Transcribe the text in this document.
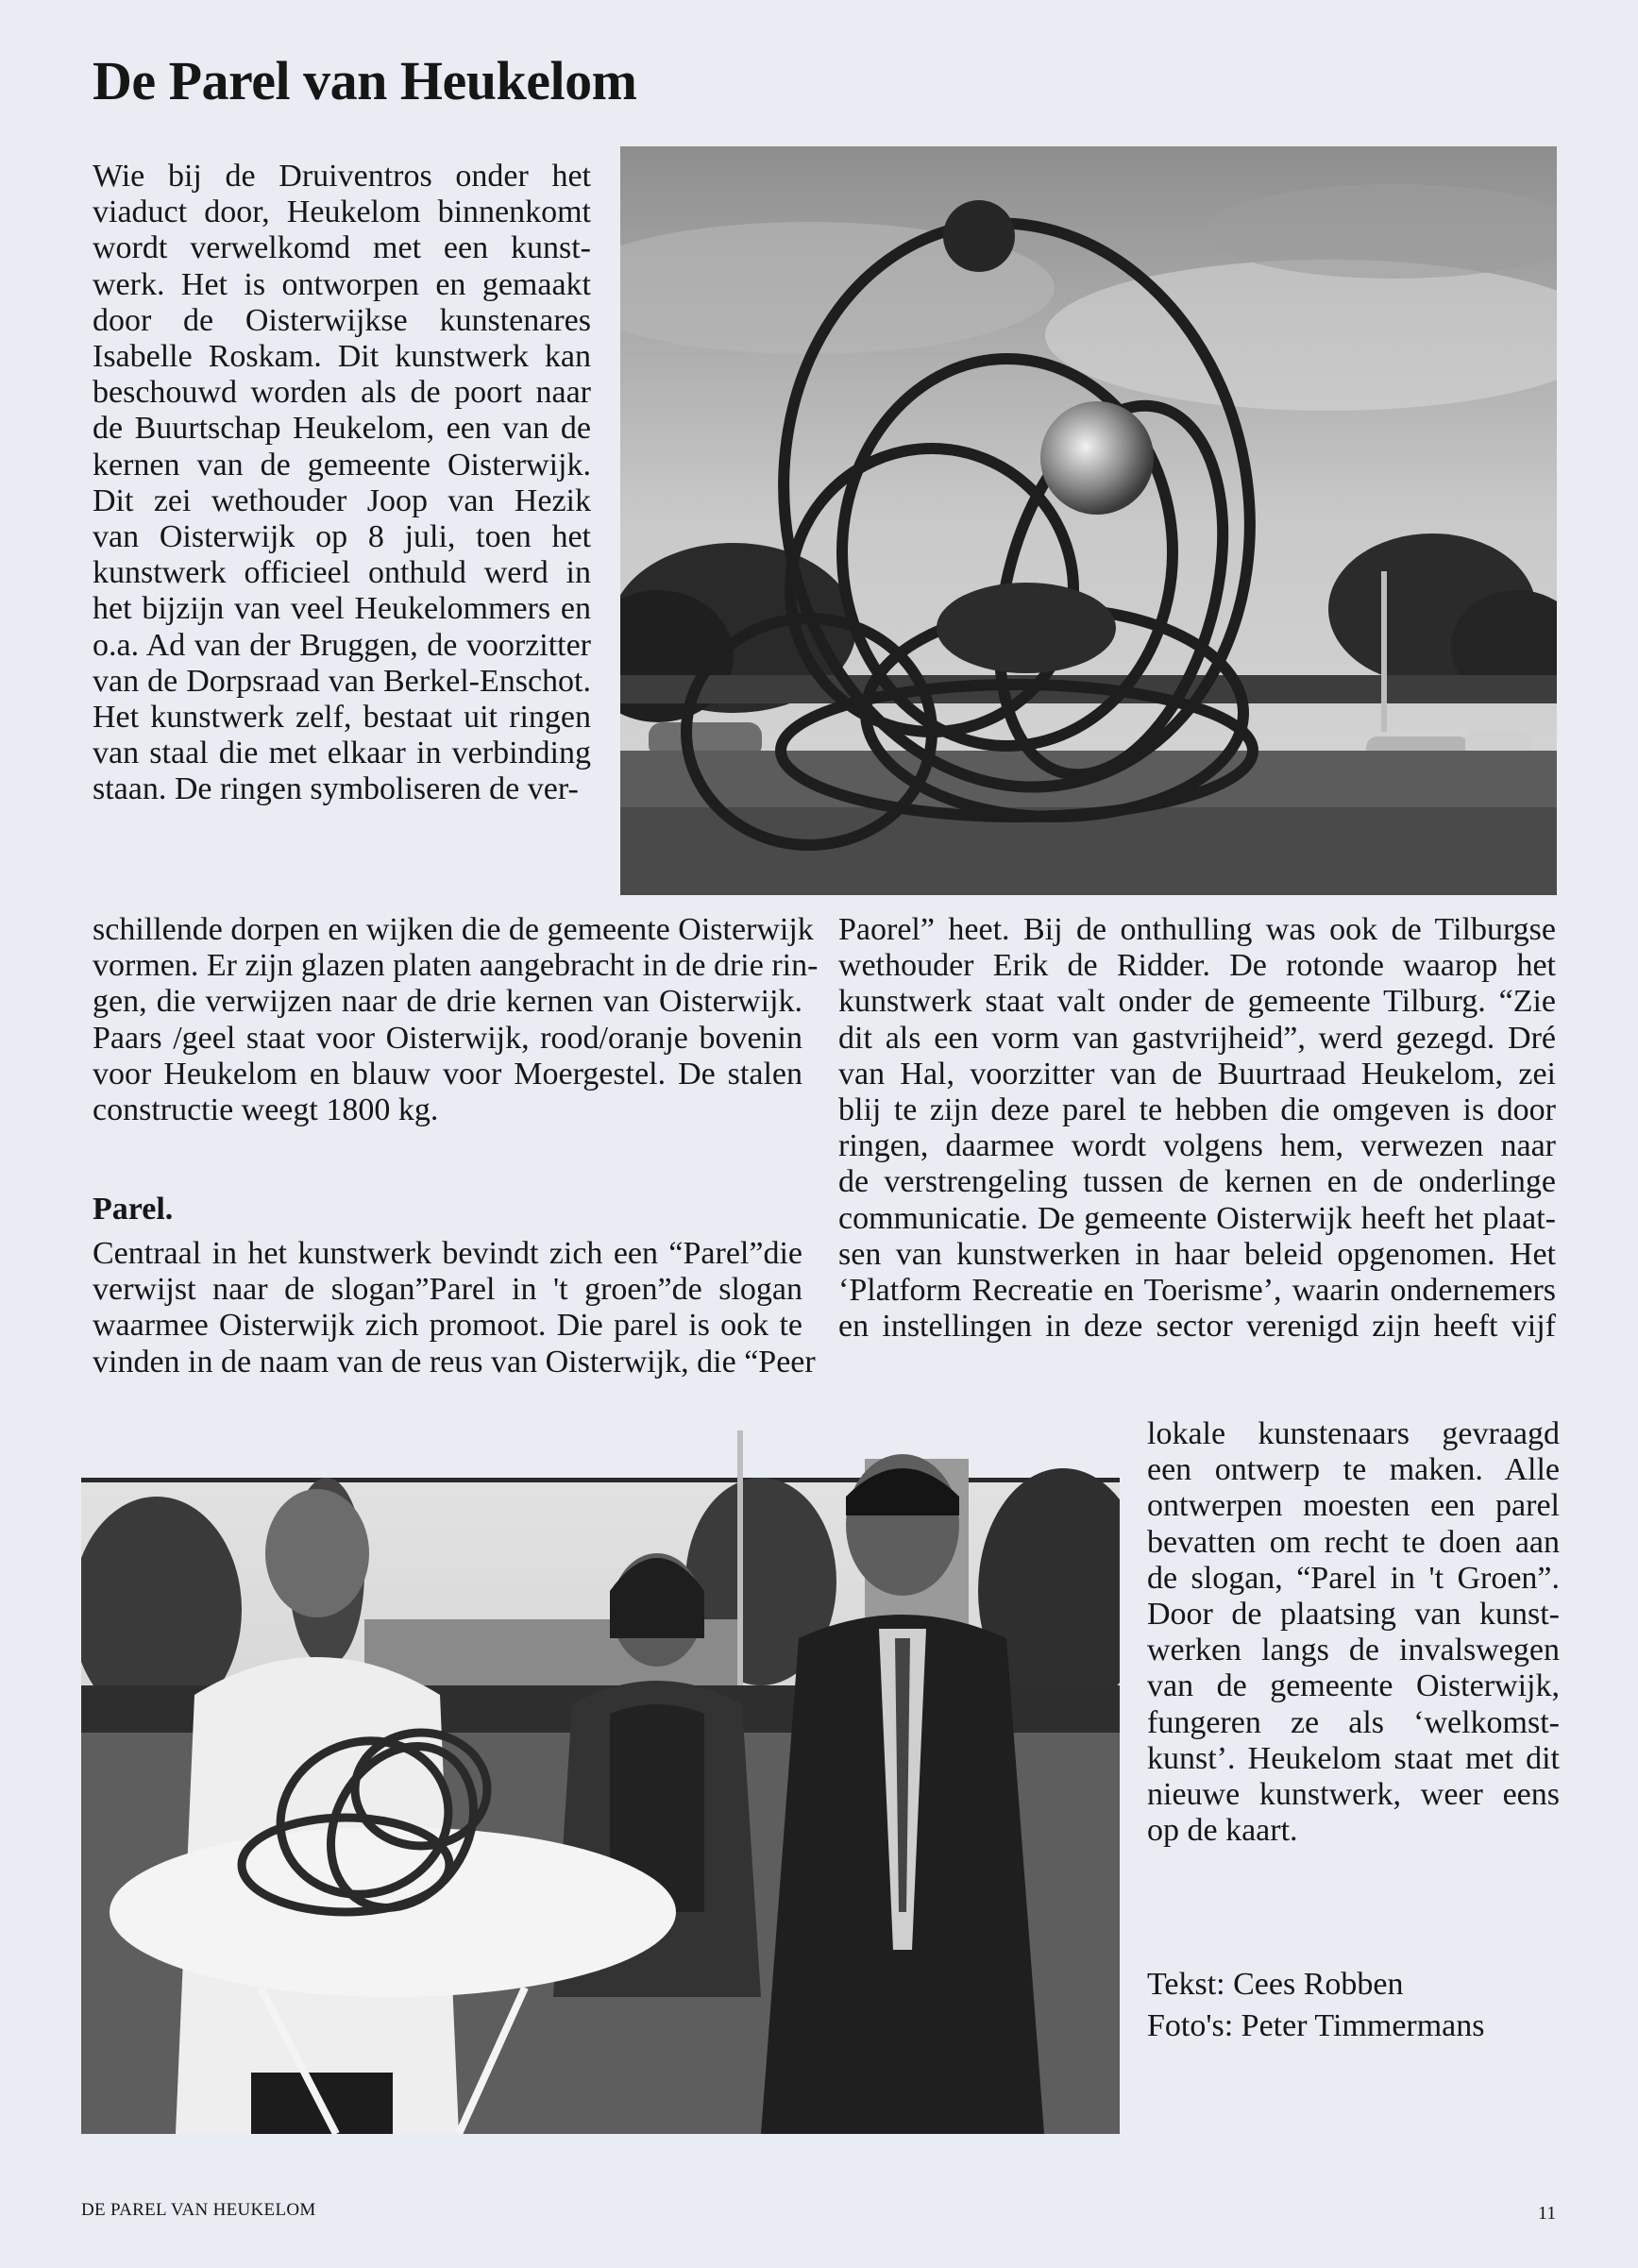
De Parel van Heukelom
Wie bij de Druiventros onder het
viaduct door, Heukelom binnenkomt
wordt verwelkomd met een kunst-
werk. Het is ontworpen en gemaakt
door de Oisterwijkse kunstenares
Isabelle Roskam. Dit kunstwerk kan
beschouwd worden als de poort naar
de Buurtschap Heukelom, een van de
kernen van de gemeente Oisterwijk.
Dit zei wethouder Joop van Hezik
van Oisterwijk op 8 juli, toen het
kunstwerk officieel onthuld werd in
het bijzijn van veel Heukelommers en
o.a. Ad van der Bruggen, de voorzitter
van de Dorpsraad van Berkel-Enschot.
Het kunstwerk zelf, bestaat uit ringen
van staal die met elkaar in verbinding
staan. De ringen symboliseren de ver-
schillende dorpen en wijken die de gemeente Oisterwijk
vormen. Er zijn glazen platen aangebracht in de drie rin-
gen, die verwijzen naar de drie kernen van Oisterwijk.
Paars /geel staat voor Oisterwijk, rood/oranje bovenin
voor Heukelom en blauw voor Moergestel. De stalen
constructie weegt 1800 kg.
Parel.
Centraal in het kunstwerk bevindt zich een “Parel”die
verwijst naar de slogan”Parel in 't groen”de slogan
waarmee Oisterwijk zich promoot. Die parel is ook te
vinden in de naam van de reus van Oisterwijk, die “Peer
Paorel” heet. Bij de onthulling was ook de Tilburgse
wethouder Erik de Ridder. De rotonde waarop het
kunstwerk staat valt onder de gemeente Tilburg. “Zie
dit als een vorm van gastvrijheid”, werd gezegd. Dré
van Hal, voorzitter van de Buurtraad Heukelom, zei
blij te zijn deze parel te hebben die omgeven is door
ringen, daarmee wordt volgens hem, verwezen naar
de verstrengeling tussen de kernen en de onderlinge
communicatie. De gemeente Oisterwijk heeft het plaat-
sen van kunstwerken in haar beleid opgenomen. Het
‘Platform Recreatie en Toerisme’, waarin ondernemers
en instellingen in deze sector verenigd zijn heeft vijf
lokale kunstenaars gevraagd
een ontwerp te maken. Alle
ontwerpen moesten een parel
bevatten om recht te doen aan
de slogan, “Parel in 't Groen”.
Door de plaatsing van kunst-
werken langs de invalswegen
van de gemeente Oisterwijk,
fungeren ze als ‘welkomst-
kunst’. Heukelom staat met dit
nieuwe kunstwerk, weer eens
op de kaart.
Tekst: Cees Robben
Foto's: Peter Timmermans
DE PAREL VAN HEUKELOM	11
